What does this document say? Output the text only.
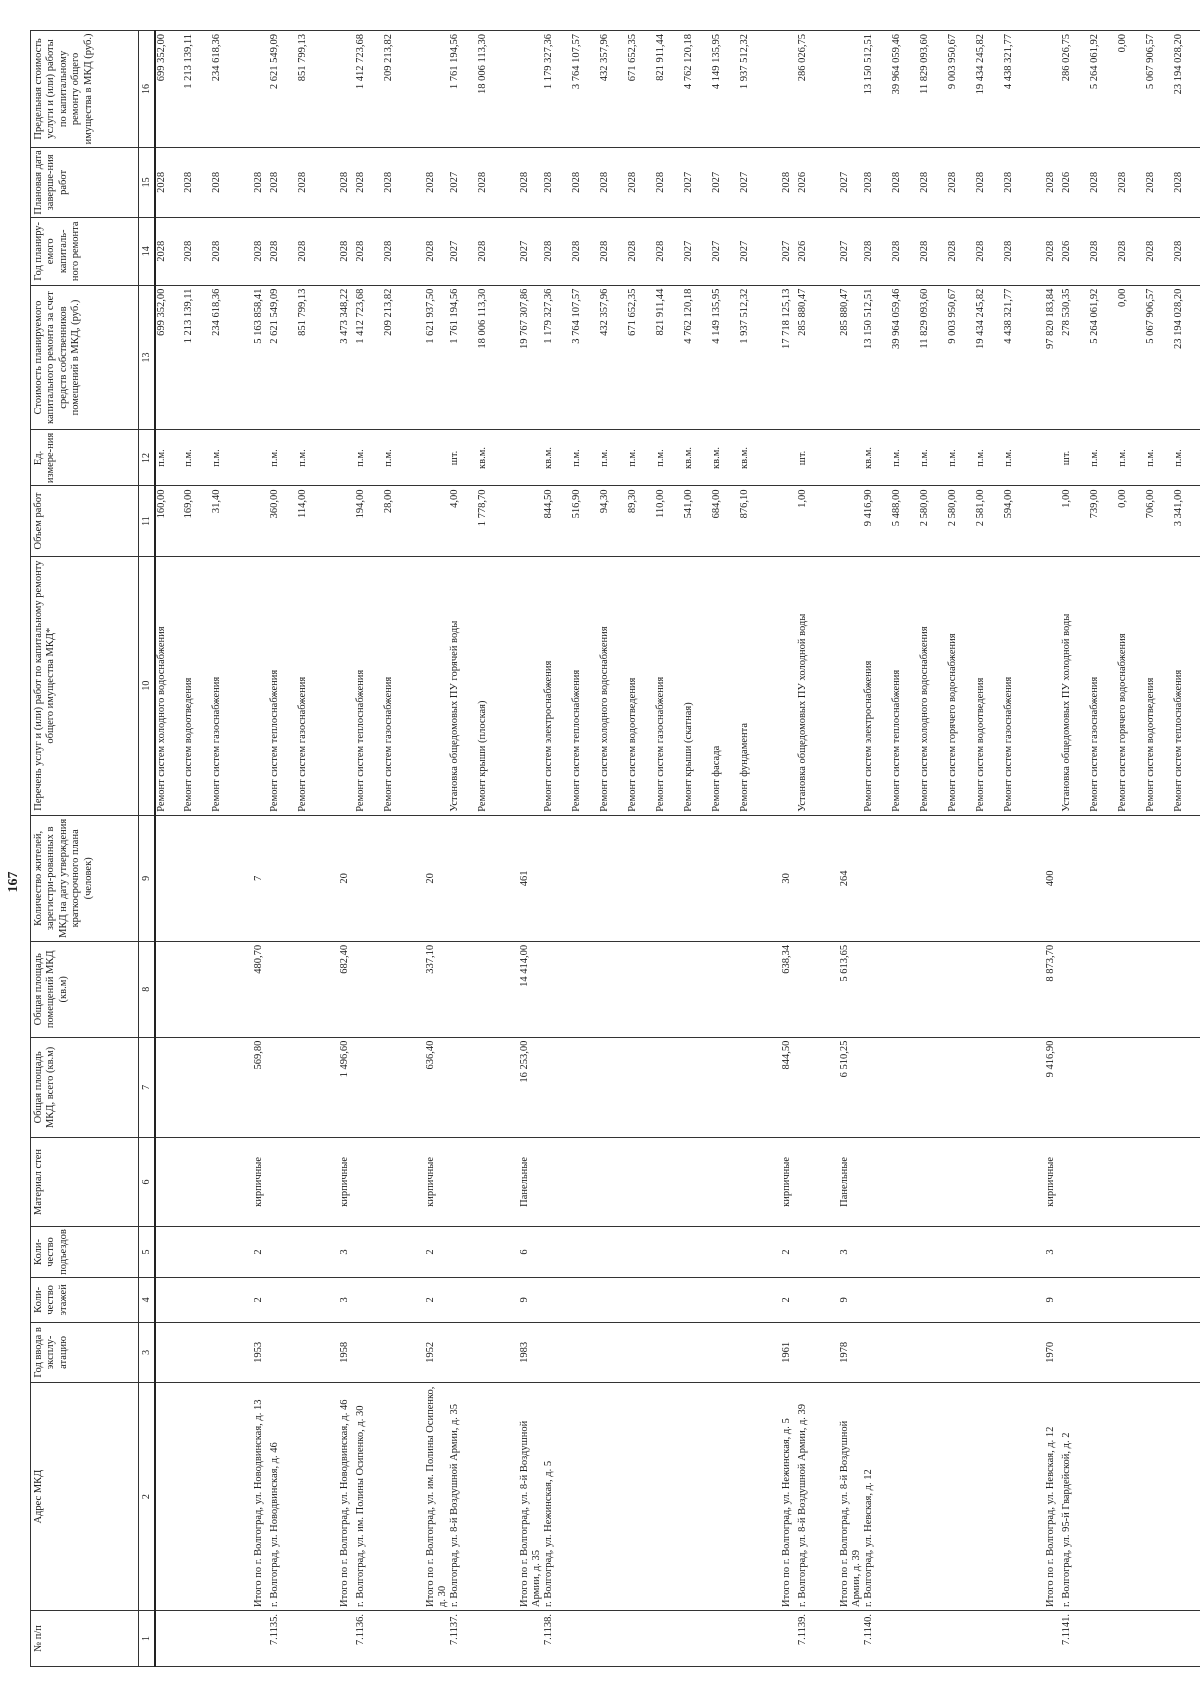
167
№ п/п	Адрес МКД	Год ввода в эксплу-атацию	Коли-чество этажей	Коли-чество подъездов	Материал стен	Общая площадь МКД, всего (кв.м)	Общая площадь помещений МКД (кв.м)	Количество жителей, зарегистри-рованных в МКД на дату утверждения краткосрочного плана (человек)	Перечень услуг и (или) работ по капитальному ремонту общего имущества МКД*	Объем работ	Ед. измере-ния	Стоимость планируемого капитального ремонта за счет средств собственников помещений в МКД, (руб.)	Год планиру-емого капиталь-ного ремонта	Плановая дата заверше-ния работ	Предельная стоимость услуги и (или) работы по капитальному ремонту общего имущества в МКД (руб.)
1	2	3	4	5	6	7	8	9	10	11	12	13	14	15	16
									Ремонт систем холодного водоснабжения	160,00	п.м.	699 352,00	2028	2028	699 352,00
									Ремонт систем водоотведения	169,00	п.м.	1 213 139,11	2028	2028	1 213 139,11
									Ремонт систем газоснабжения	31,40	п.м.	234 618,36	2028	2028	234 618,36
	Итого по г. Волгоград, ул. Новодвинская, д. 13	1953	2	2	кирпичные	569,80	480,70	7				5 163 858,41	2028	2028	
7.1135.	г. Волгоград, ул. Новодвинская, д. 46								Ремонт систем теплоснабжения	360,00	п.м.	2 621 549,09	2028	2028	2 621 549,09
									Ремонт систем газоснабжения	114,00	п.м.	851 799,13	2028	2028	851 799,13
	Итого по г. Волгоград, ул. Новодвинская, д. 46	1958	3	3	кирпичные	1 496,60	682,40	20				3 473 348,22	2028	2028	
7.1136.	г. Волгоград, ул. им. Полины Осипенко, д. 30								Ремонт систем теплоснабжения	194,00	п.м.	1 412 723,68	2028	2028	1 412 723,68
									Ремонт систем газоснабжения	28,00	п.м.	209 213,82	2028	2028	209 213,82
	Итого по г. Волгоград, ул. им. Полины Осипенко, д. 30	1952	2	2	кирпичные	636,40	337,10	20				1 621 937,50	2028	2028	
7.1137.	г. Волгоград, ул. 8-й Воздушной Армии, д. 35								Установка общедомовых ПУ горячей воды	4,00	шт.	1 761 194,56	2027	2027	1 761 194,56
									Ремонт крыши (плоская)	1 778,70	кв.м.	18 006 113,30	2028	2028	18 006 113,30
	Итого по г. Волгоград, ул. 8-й Воздушной Армии, д. 35	1983	9	6	Панельные	16 253,00	14 414,00	461				19 767 307,86	2027	2028	
7.1138.	г. Волгоград, ул. Нежинская, д. 5								Ремонт систем электроснабжения	844,50	кв.м.	1 179 327,36	2028	2028	1 179 327,36
									Ремонт систем теплоснабжения	516,90	п.м.	3 764 107,57	2028	2028	3 764 107,57
									Ремонт систем холодного водоснабжения	94,30	п.м.	432 357,96	2028	2028	432 357,96
									Ремонт систем водоотведения	89,30	п.м.	671 652,35	2028	2028	671 652,35
									Ремонт систем газоснабжения	110,00	п.м.	821 911,44	2028	2028	821 911,44
									Ремонт крыши (скатная)	541,00	кв.м.	4 762 120,18	2027	2027	4 762 120,18
									Ремонт фасада	684,00	кв.м.	4 149 135,95	2027	2027	4 149 135,95
									Ремонт фундамента	876,10	кв.м.	1 937 512,32	2027	2027	1 937 512,32
	Итого по г. Волгоград, ул. Нежинская, д. 5	1961	2	2	кирпичные	844,50	638,34	30				17 718 125,13	2027	2028	
7.1139.	г. Волгоград, ул. 8-й Воздушной Армии, д. 39								Установка общедомовых ПУ холодной воды	1,00	шт.	285 880,47	2026	2026	286 026,75
	Итого по г. Волгоград, ул. 8-й Воздушной Армии, д. 39	1978	9	3	Панельные	6 510,25	5 613,65	264				285 880,47	2027	2027	
7.1140.	г. Волгоград, ул. Невская, д. 12								Ремонт систем электроснабжения	9 416,90	кв.м.	13 150 512,51	2028	2028	13 150 512,51
									Ремонт систем теплоснабжения	5 488,00	п.м.	39 964 059,46	2028	2028	39 964 059,46
									Ремонт систем холодного водоснабжения	2 580,00	п.м.	11 829 093,60	2028	2028	11 829 093,60
									Ремонт систем горячего водоснабжения	2 580,00	п.м.	9 003 950,67	2028	2028	9 003 950,67
									Ремонт систем водоотведения	2 581,00	п.м.	19 434 245,82	2028	2028	19 434 245,82
									Ремонт систем газоснабжения	594,00	п.м.	4 438 321,77	2028	2028	4 438 321,77
	Итого по г. Волгоград, ул. Невская, д. 12	1970	9	3	кирпичные	9 416,90	8 873,70	400				97 820 183,84	2028	2028	
7.1141.	г. Волгоград, ул. 95-й Гвардейской, д. 2								Установка общедомовых ПУ холодной воды	1,00	шт.	278 530,35	2026	2026	286 026,75
									Ремонт систем газоснабжения	739,00	п.м.	5 264 061,92	2028	2028	5 264 061,92
									Ремонт систем горячего водоснабжения	0,00	п.м.	0,00	2028	2028	0,00
									Ремонт систем водоотведения	706,00	п.м.	5 067 906,57	2028	2028	5 067 906,57
									Ремонт систем теплоснабжения	3 341,00	п.м.	23 194 028,20	2028	2028	23 194 028,20
